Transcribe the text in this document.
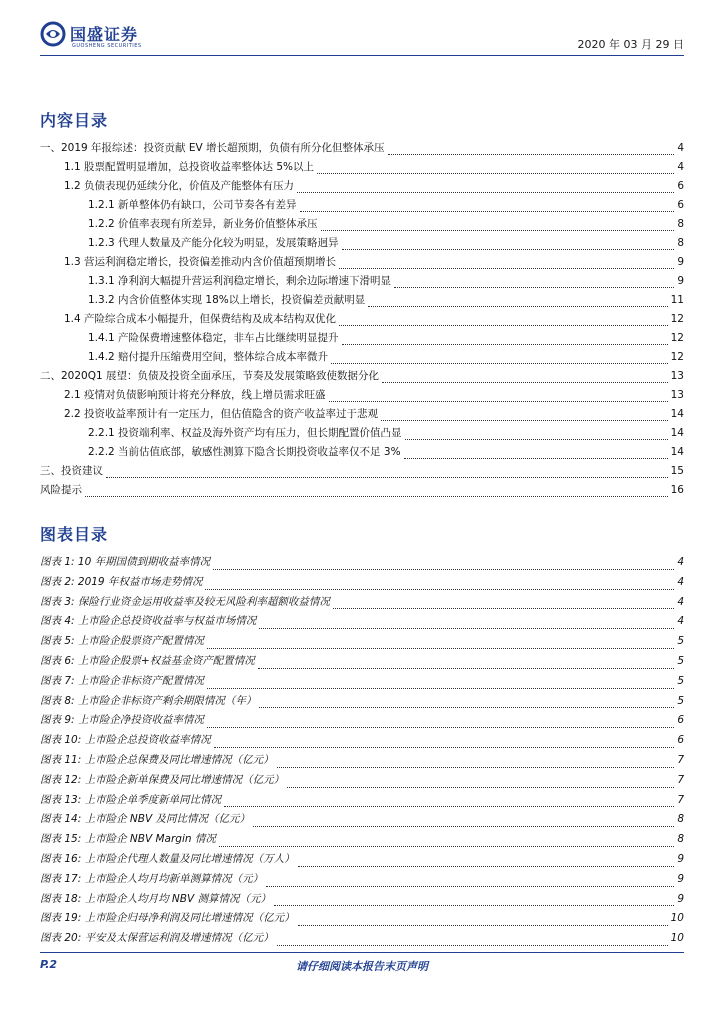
国盛证券
GUOSHENG SECURITIES	2020 年 03 月 29 日
内容目录
一、2019 年报综述：投资贡献 EV 增长超预期，负债有所分化但整体承压	4
1.1 股票配置明显增加，总投资收益率整体达 5%以上	4
1.2 负债表现仍延续分化，价值及产能整体有压力	6
1.2.1 新单整体仍有缺口，公司节奏各有差异	6
1.2.2 价值率表现有所差异，新业务价值整体承压	8
1.2.3 代理人数量及产能分化较为明显，发展策略迥异	8
1.3 营运利润稳定增长，投资偏差推动内含价值超预期增长	9
1.3.1 净利润大幅提升营运利润稳定增长，剩余边际增速下滑明显	9
1.3.2 内含价值整体实现 18%以上增长，投资偏差贡献明显	11
1.4 产险综合成本小幅提升，但保费结构及成本结构双优化	12
1.4.1 产险保费增速整体稳定，非车占比继续明显提升	12
1.4.2 赔付提升压缩费用空间，整体综合成本率微升	12
二、2020Q1 展望：负债及投资全面承压，节奏及发展策略致使数据分化	13
2.1 疫情对负债影响预计将充分释放，线上增员需求旺盛	13
2.2 投资收益率预计有一定压力，但估值隐含的资产收益率过于悲观	14
2.2.1 投资端利率、权益及海外资产均有压力，但长期配置价值凸显	14
2.2.2 当前估值底部，敏感性测算下隐含长期投资收益率仅不足 3%	14
三、投资建议	15
风险提示	16
图表目录
图表 1: 10 年期国债到期收益率情况	4
图表 2: 2019 年权益市场走势情况	4
图表 3: 保险行业资金运用收益率及较无风险利率超额收益情况	4
图表 4: 上市险企总投资收益率与权益市场情况	4
图表 5: 上市险企股票资产配置情况	5
图表 6: 上市险企股票+权益基金资产配置情况	5
图表 7: 上市险企非标资产配置情况	5
图表 8: 上市险企非标资产剩余期限情况（年）	5
图表 9: 上市险企净投资收益率情况	6
图表 10: 上市险企总投资收益率情况	6
图表 11: 上市险企总保费及同比增速情况（亿元）	7
图表 12: 上市险企新单保费及同比增速情况（亿元）	7
图表 13: 上市险企单季度新单同比情况	7
图表 14: 上市险企 NBV 及同比情况（亿元）	8
图表 15: 上市险企 NBV Margin 情况	8
图表 16: 上市险企代理人数量及同比增速情况（万人）	9
图表 17: 上市险企人均月均新单测算情况（元）	9
图表 18: 上市险企人均月均 NBV 测算情况（元）	9
图表 19: 上市险企归母净利润及同比增速情况（亿元）	10
图表 20: 平安及太保营运利润及增速情况（亿元）	10
请仔细阅读本报告末页声明
P.2
